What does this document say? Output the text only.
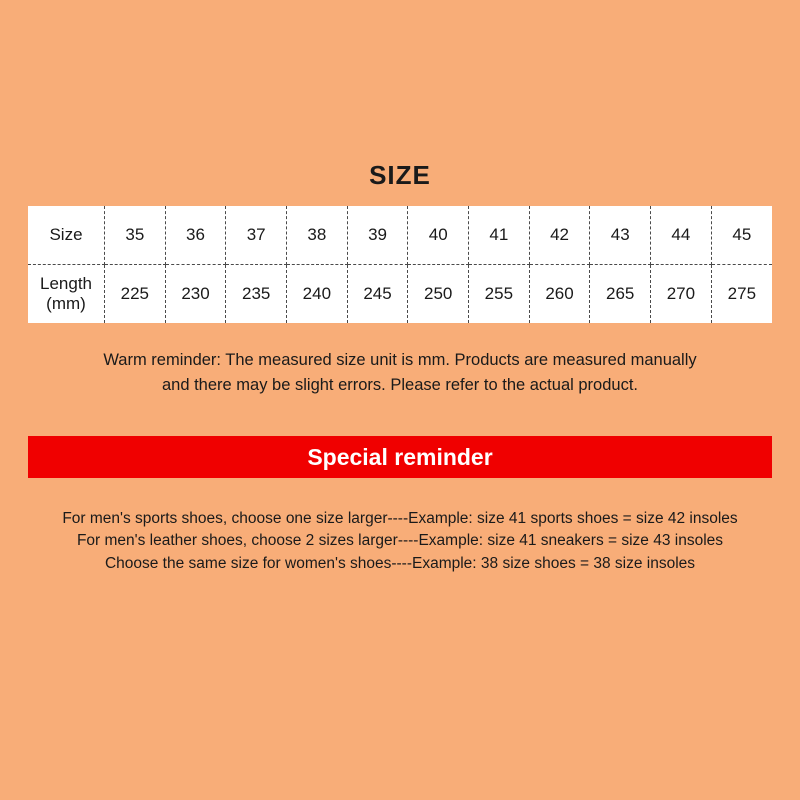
SIZE
Size	35	36	37	38	39	40	41	42	43	44	45
Length
(mm)	225	230	235	240	245	250	255	260	265	270	275
Warm reminder: The measured size unit is mm. Products are measured manually
and there may be slight errors. Please refer to the actual product.
Special reminder
For men's sports shoes, choose one size larger----Example: size 41 sports shoes = size 42 insoles
For men's leather shoes, choose 2 sizes larger----Example: size 41 sneakers = size 43 insoles
Choose the same size for women's shoes----Example: 38 size shoes = 38 size insoles
